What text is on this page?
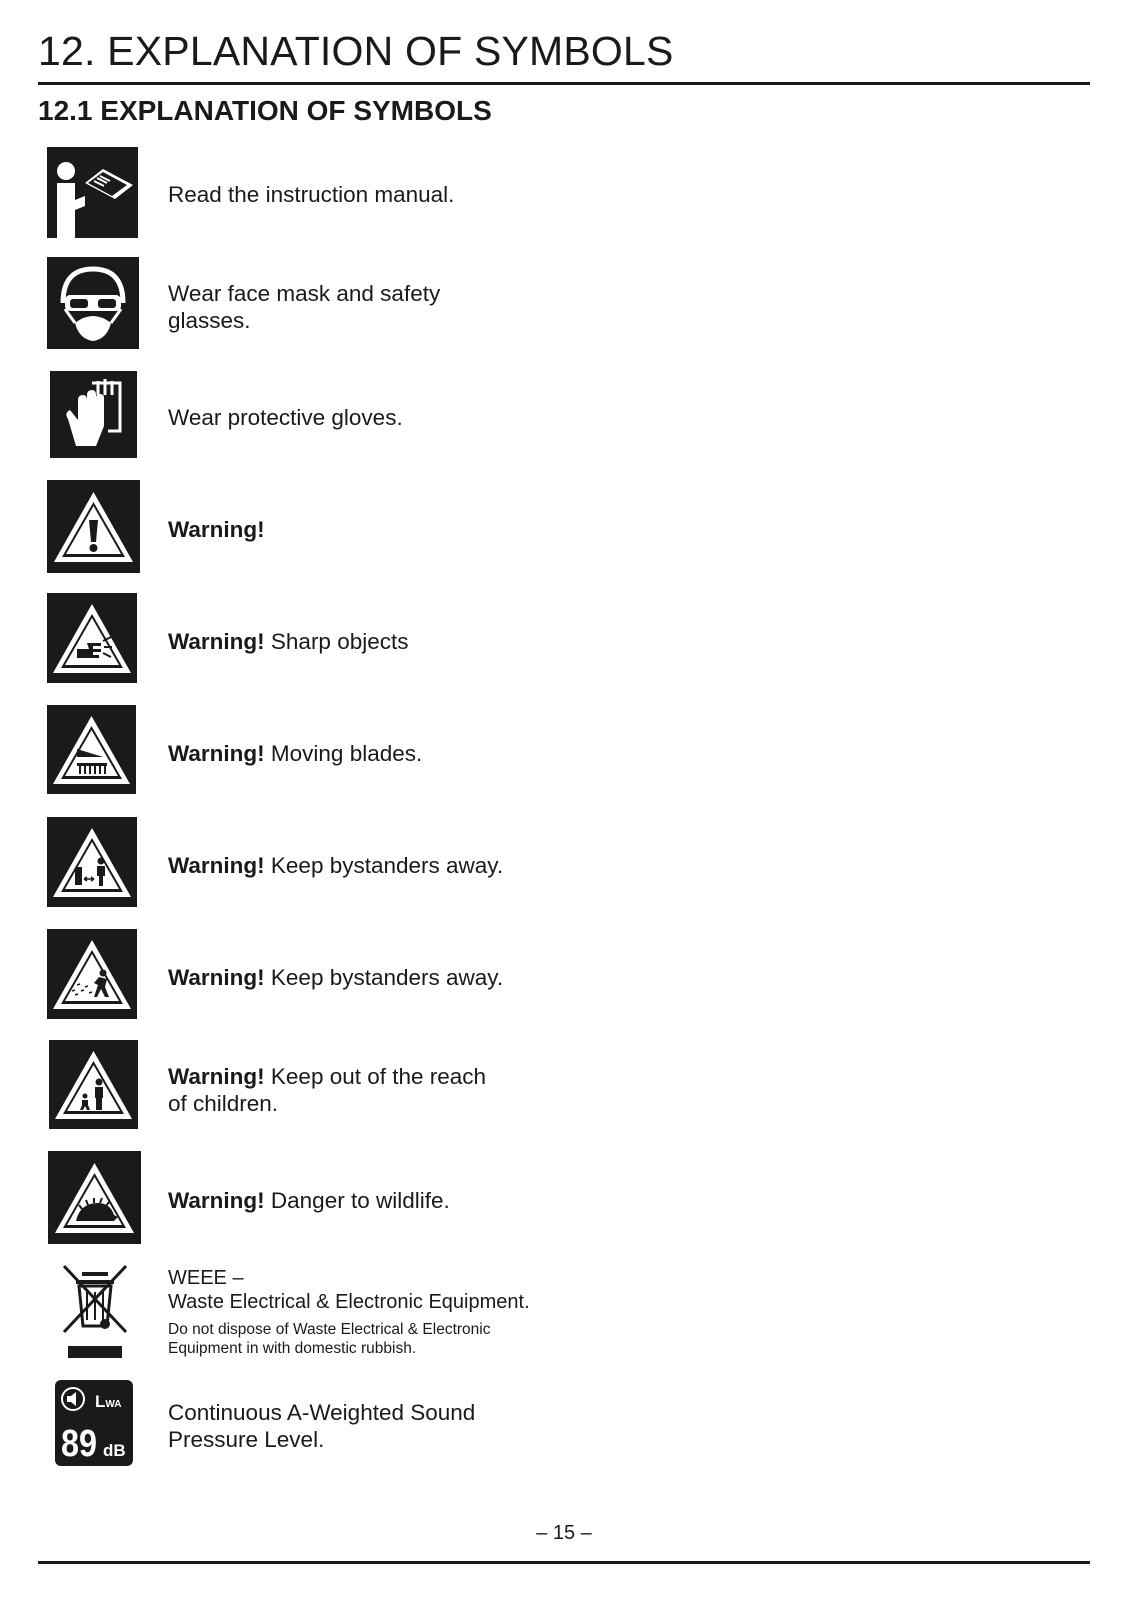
12. EXPLANATION OF SYMBOLS
12.1 EXPLANATION OF SYMBOLS
Read the instruction manual.
Wear face mask and safety
glasses.
Wear protective gloves.
Warning!
Warning! Sharp objects
Warning! Moving blades.
Warning! Keep bystanders away.
Warning! Keep bystanders away.
Warning! Keep out of the reach
of children.
Warning! Danger to wildlife.
WEEE –
Waste Electrical & Electronic Equipment.
Do not dispose of Waste Electrical & Electronic
Equipment in with domestic rubbish.
LWA
89 dB
Continuous A-Weighted Sound
Pressure Level.
– 15 –
